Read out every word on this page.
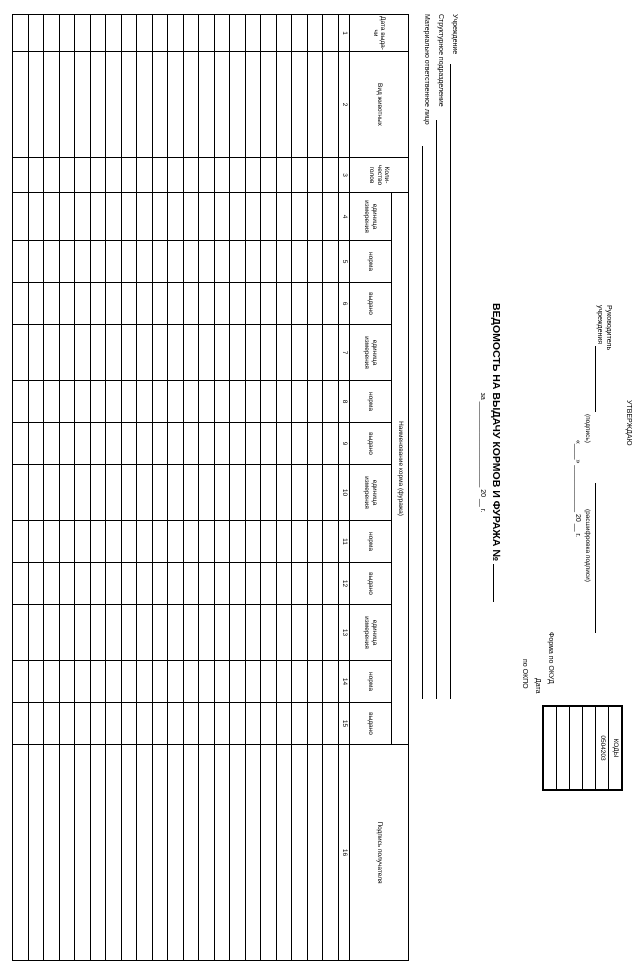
УТВЕРЖДАЮ
Руководитель
учреждения
(подпись)
(расшифровка подписи)
«____» ____________ 20 __ г.
КОДЫ
0504203
Форма по ОКУД
Дата
по ОКПО
ВЕДОМОСТЬ НА ВЫДАЧУ КОРМОВ И ФУРАЖА №
за ______________________ 20 __ г.
Учреждение
Структурное подразделение
Материально ответственное лицо
Дата выда-чи	Вид животных	Коли-чество голов	Наименование корма (фуража)												Подпись получателя
			единица измерения	норма	выдано	единица измерения	норма	выдано	единица измерения	норма	выдано	единица измерения	норма	выдано	
1	2	3	4	5	6	7	8	9	10	11	12	13	14	15	16
